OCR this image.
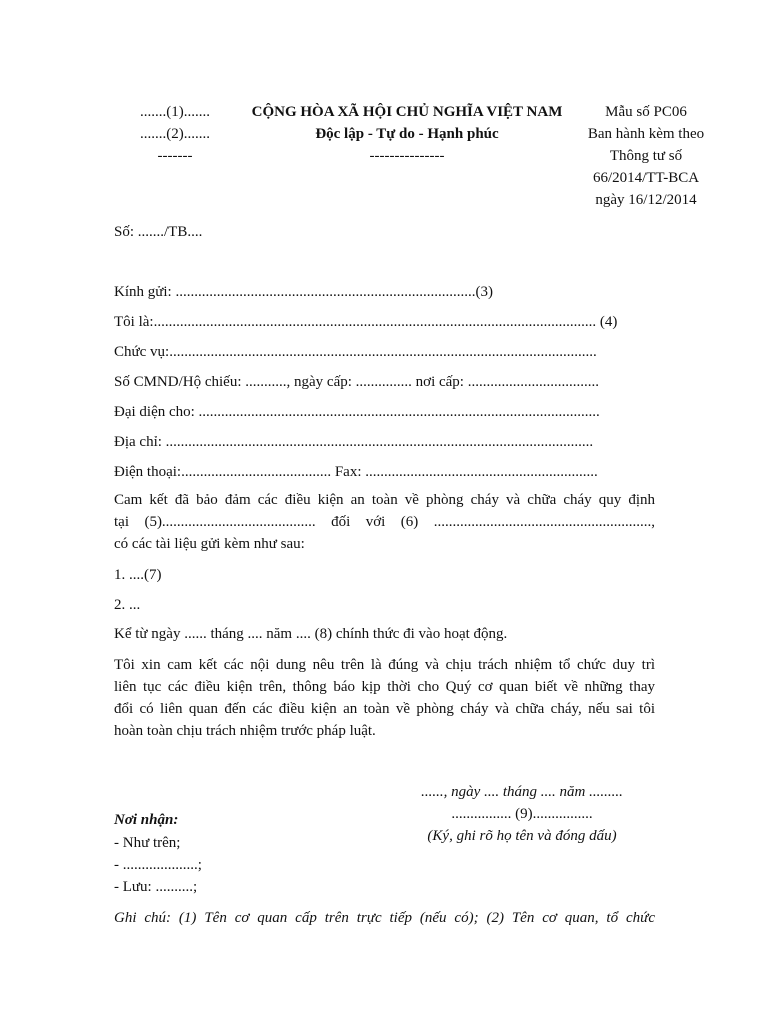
.......(1).......
.......(2).......
-------
CỘNG HÒA XÃ HỘI CHỦ NGHĨA VIỆT NAM
Độc lập - Tự do - Hạnh phúc
---------------
Mẫu số PC06
Ban hành kèm theo
Thông tư số
66/2014/TT-BCA
ngày 16/12/2014
Số: ......./TB....
Kính gửi: ................................................................................(3)
Tôi là:...................................................................................................................... (4)
Chức vụ:..................................................................................................................
Số CMND/Hộ chiếu: ..........., ngày cấp: ............... nơi cấp: ...................................
Đại diện cho: ...........................................................................................................
Địa chỉ: ..................................................................................................................
Điện thoại:........................................ Fax: ..............................................................
Cam kết đã bảo đảm các điều kiện an toàn về phòng cháy và chữa cháy quy định
tại (5)......................................... đối với (6) ..........................................................,
có các tài liệu gửi kèm như sau:
1. ....(7)
2. ...
Kể từ ngày ...... tháng .... năm .... (8) chính thức đi vào hoạt động.
Tôi xin cam kết các nội dung nêu trên là đúng và chịu trách nhiệm tổ chức duy trì
liên tục các điều kiện trên, thông báo kịp thời cho Quý cơ quan biết về những thay
đổi có liên quan đến các điều kiện an toàn về phòng cháy và chữa cháy, nếu sai tôi
hoàn toàn chịu trách nhiệm trước pháp luật.
......, ngày .... tháng .... năm .........
................ (9)................
(Ký, ghi rõ họ tên và đóng dấu)
Nơi nhận:
- Như trên;
- ....................;
- Lưu: ..........;
Ghi chú: (1) Tên cơ quan cấp trên trực tiếp (nếu có); (2) Tên cơ quan, tổ chức
